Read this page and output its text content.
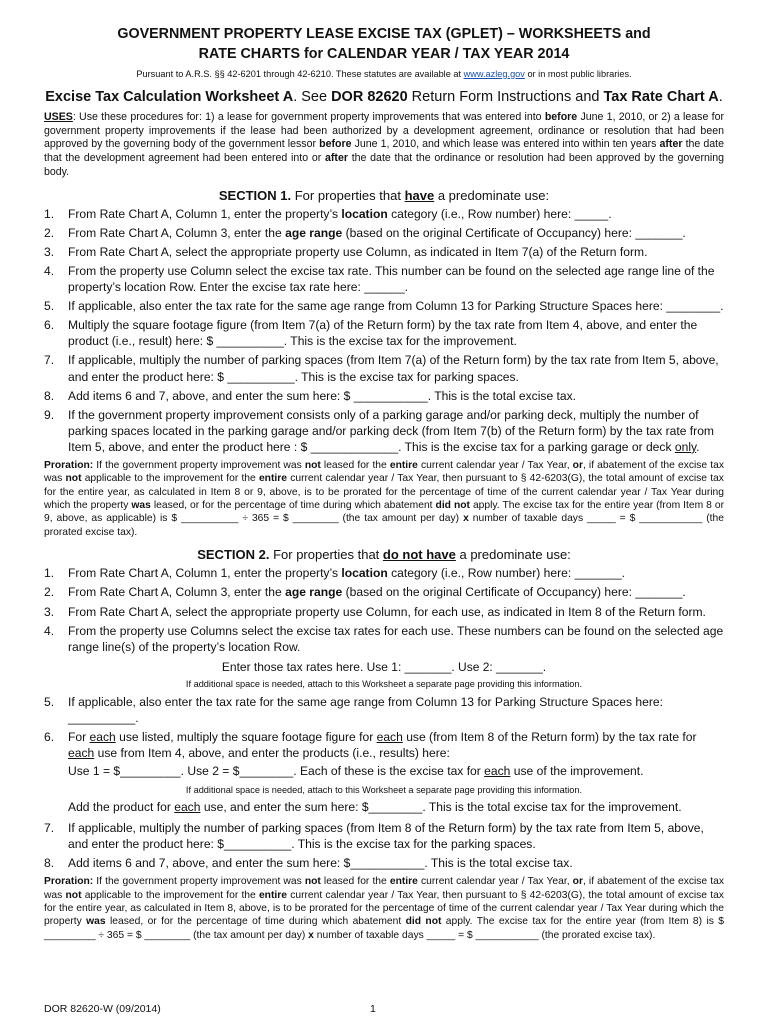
GOVERNMENT PROPERTY LEASE EXCISE TAX (GPLET) – WORKSHEETS and
RATE CHARTS for CALENDAR YEAR / TAX YEAR 2014
Pursuant to A.R.S. §§ 42-6201 through 42-6210. These statutes are available at www.azleg.gov or in most public libraries.
Excise Tax Calculation Worksheet A. See DOR 82620 Return Form Instructions and Tax Rate Chart A.
USES: Use these procedures for: 1) a lease for government property improvements that was entered into before June 1, 2010, or 2) a lease for government property improvements if the lease had been authorized by a development agreement, ordinance or resolution that had been approved by the governing body of the government lessor before June 1, 2010, and which lease was entered into within ten years after the date that the development agreement had been entered into or after the date that the ordinance or resolution had been approved by the governing body.
SECTION 1. For properties that have a predominate use:
1.	From Rate Chart A, Column 1, enter the property’s location category (i.e., Row number) here: _____.
2.	From Rate Chart A, Column 3, enter the age range (based on the original Certificate of Occupancy) here: _______.
3.	From Rate Chart A, select the appropriate property use Column, as indicated in Item 7(a) of the Return form.
4.	From the property use Column select the excise tax rate. This number can be found on the selected age range line of the property’s location Row. Enter the excise tax rate here: ______.
5.	If applicable, also enter the tax rate for the same age range from Column 13 for Parking Structure Spaces here: ________.
6.	Multiply the square footage figure (from Item 7(a) of the Return form) by the tax rate from Item 4, above, and enter the product (i.e., result) here: $ __________. This is the excise tax for the improvement.
7.	If applicable, multiply the number of parking spaces (from Item 7(a) of the Return form) by the tax rate from Item 5, above, and enter the product here: $ __________. This is the excise tax for parking spaces.
8.	Add items 6 and 7, above, and enter the sum here: $ ___________. This is the total excise tax.
9.	If the government property improvement consists only of a parking garage and/or parking deck, multiply the number of parking spaces located in the parking garage and/or parking deck (from Item 7(b) of the Return form) by the tax rate from Item 5, above, and enter the product here : $ _____________. This is the excise tax for a parking garage or deck only.
Proration: If the government property improvement was not leased for the entire current calendar year / Tax Year, or, if abatement of the excise tax was not applicable to the improvement for the entire current calendar year / Tax Year, then pursuant to § 42-6203(G), the total amount of excise tax for the entire year, as calculated in Item 8 or 9, above, is to be prorated for the percentage of time of the current calendar year / Tax Year during which the property was leased, or for the percentage of time during which abatement did not apply. The excise tax for the entire year (from Item 8 or 9, above, as applicable) is $ __________ ÷ 365 = $ ________ (the tax amount per day) x number of taxable days _____ = $ ___________ (the prorated excise tax).
SECTION 2. For properties that do not have a predominate use:
1.	From Rate Chart A, Column 1, enter the property’s location category (i.e., Row number) here: _______.
2.	From Rate Chart A, Column 3, enter the age range (based on the original Certificate of Occupancy) here: _______.
3.	From Rate Chart A, select the appropriate property use Column, for each use, as indicated in Item 8 of the Return form.
4.	From the property use Columns select the excise tax rates for each use. These numbers can be found on the selected age range line(s) of the property’s location Row.
Enter those tax rates here. Use 1: _______. Use 2: _______.
If additional space is needed, attach to this Worksheet a separate page providing this information.
5.	If applicable, also enter the tax rate for the same age range from Column 13 for Parking Structure Spaces here: __________.
6.	For each use listed, multiply the square footage figure for each use (from Item 8 of the Return form) by the tax rate for each use from Item 4, above, and enter the products (i.e., results) here:
Use 1 = $_________. Use 2 = $________. Each of these is the excise tax for each use of the improvement.
If additional space is needed, attach to this Worksheet a separate page providing this information.
Add the product for each use, and enter the sum here: $________. This is the total excise tax for the improvement.
7.	If applicable, multiply the number of parking spaces (from Item 8 of the Return form) by the tax rate from Item 5, above, and enter the product here: $__________. This is the excise tax for the parking spaces.
8.	Add items 6 and 7, above, and enter the sum here: $___________. This is the total excise tax.
Proration: If the government property improvement was not leased for the entire current calendar year / Tax Year, or, if abatement of the excise tax was not applicable to the improvement for the entire current calendar year / Tax Year, then pursuant to § 42-6203(G), the total amount of excise tax for the entire year, as calculated in Item 8, above, is to be prorated for the percentage of time of the current calendar year / Tax Year during which the property was leased, or for the percentage of time during which abatement did not apply. The excise tax for the entire year (from Item 8) is $ _________ ÷ 365 = $ ________ (the tax amount per day) x number of taxable days _____ = $ ___________ (the prorated excise tax).
DOR 82620-W (09/2014)	1
